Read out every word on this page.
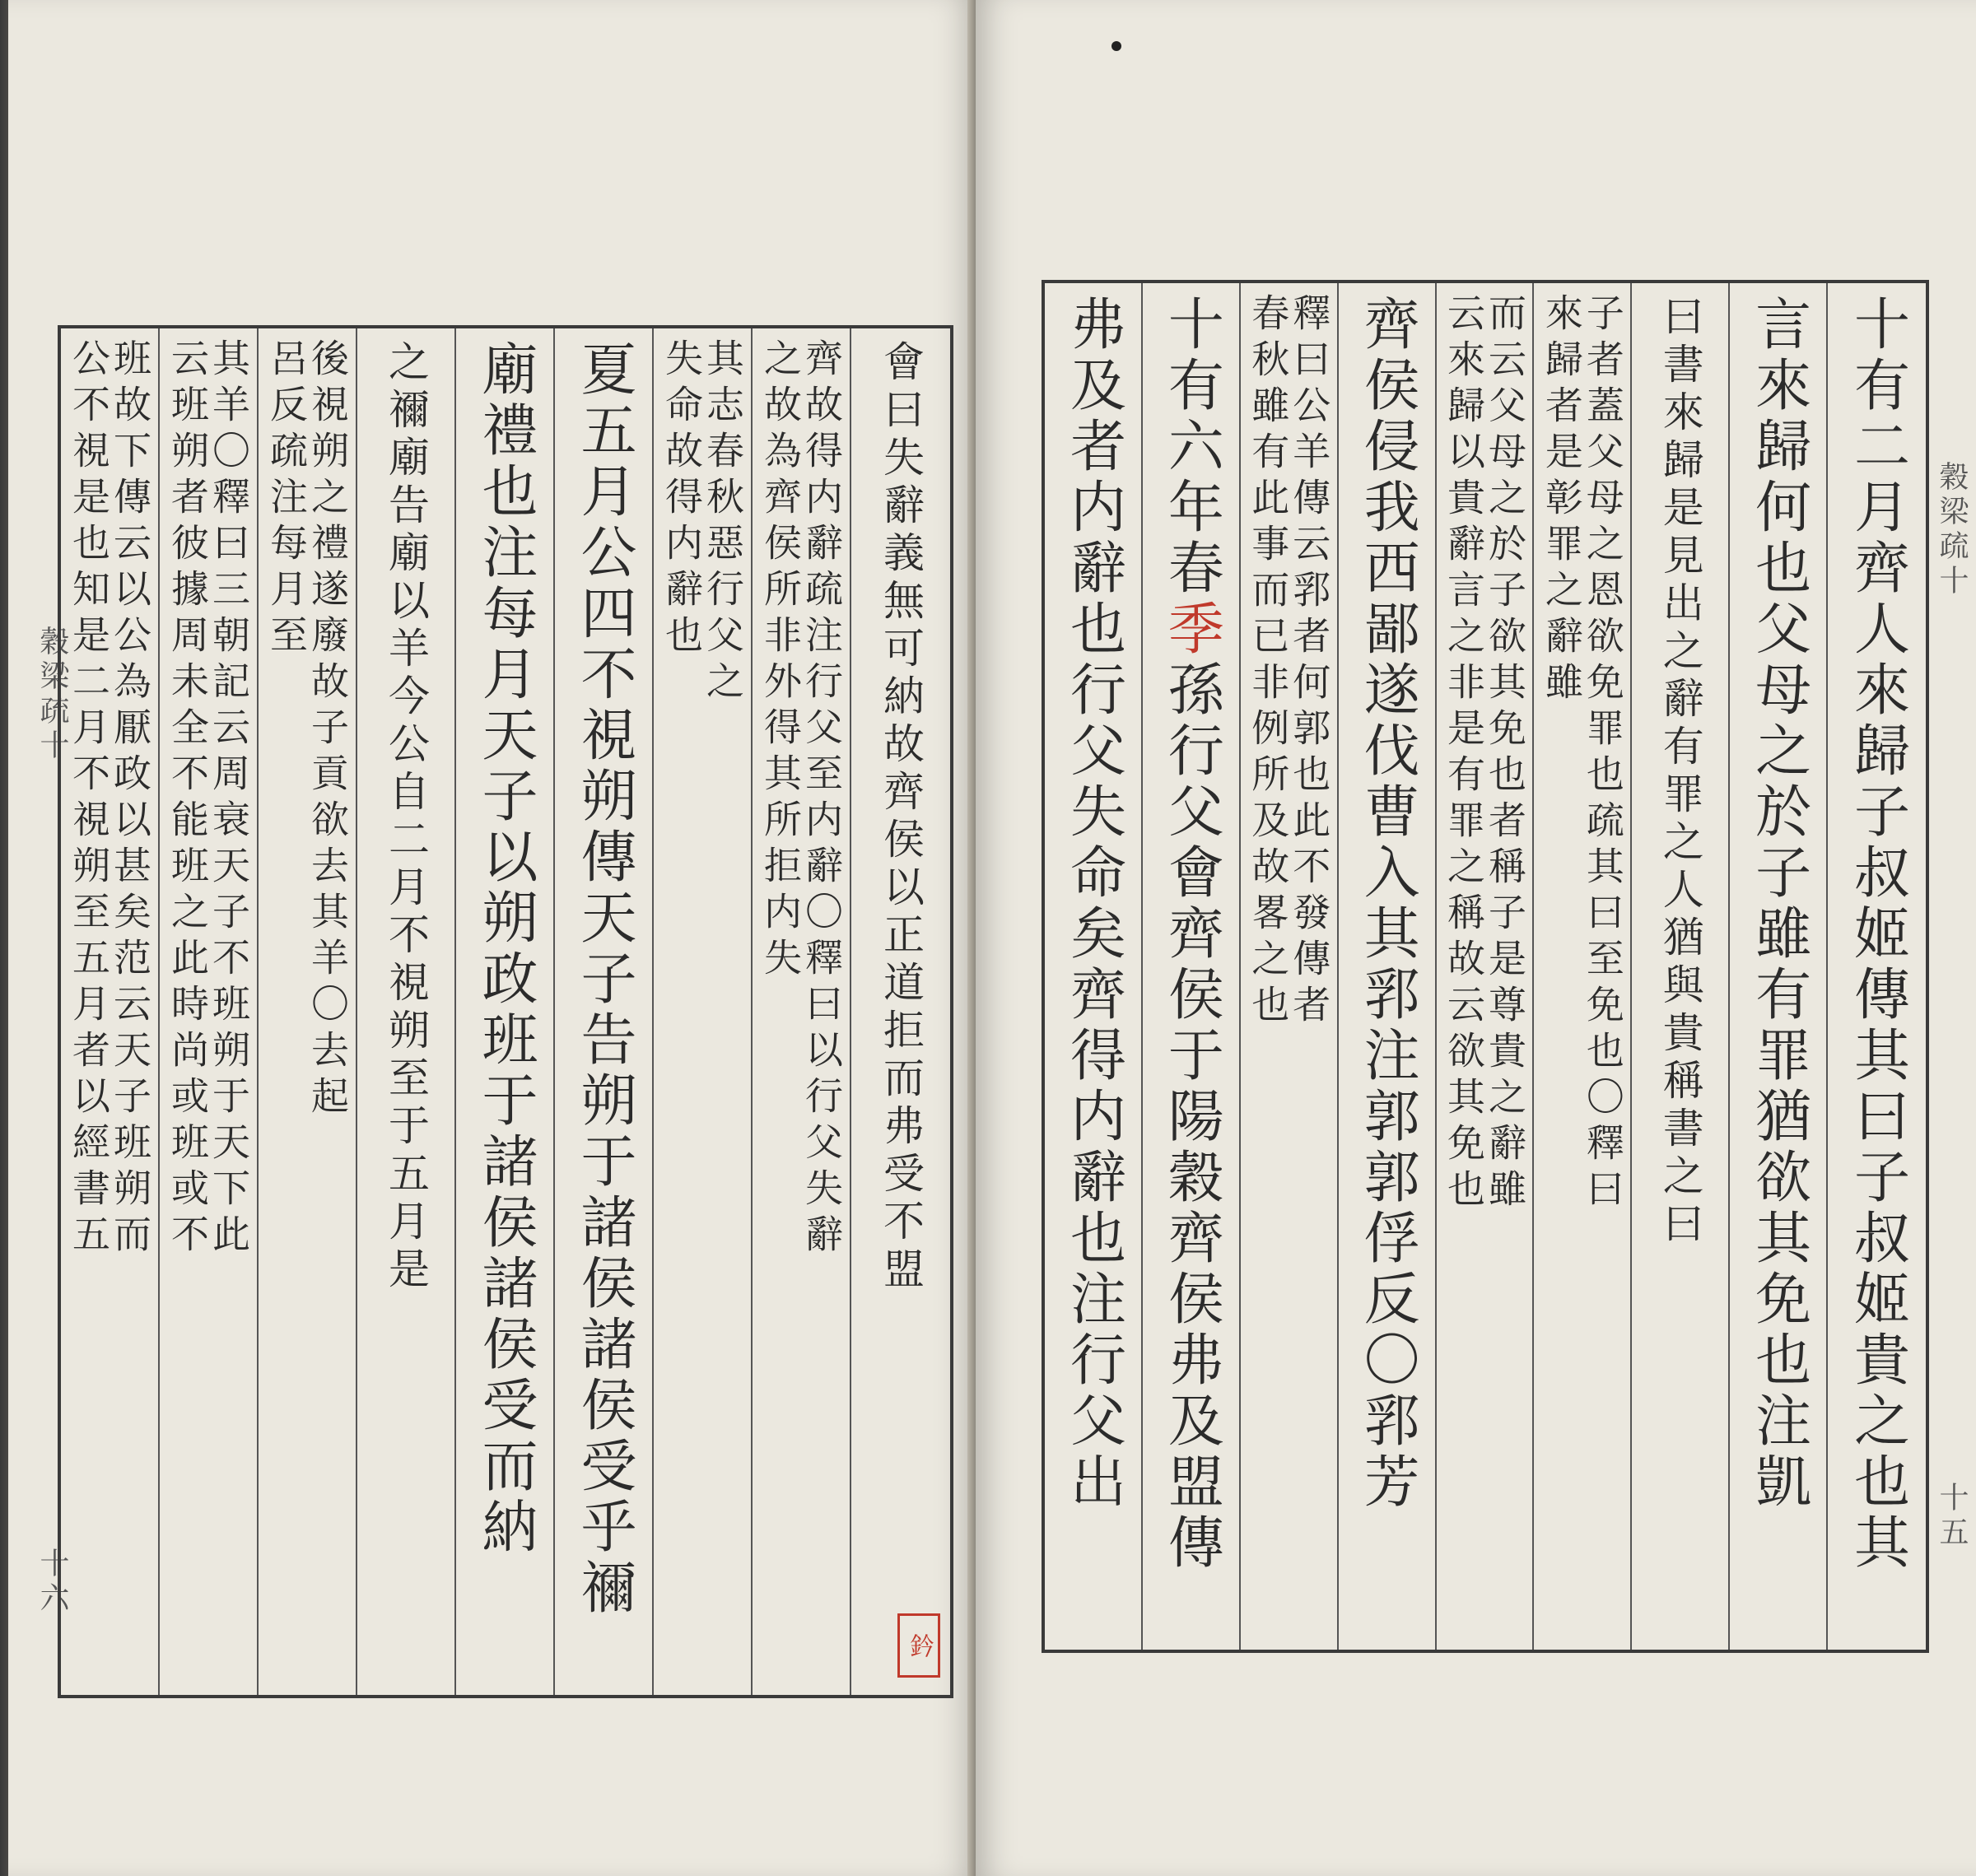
穀梁疏十
十六
會曰失辭義無可納故齊侯以正道拒而弗受不盟
齊故得内辭疏注行父至内辭〇釋曰以行父失辭
之故為齊侯所非外得其所拒内失
其志春秋惡行父之
失命故得内辭也
夏五月公四不視朔傳天子告朔于諸侯諸侯受乎禰
廟禮也注每月天子以朔政班于諸侯諸侯受而納
之禰廟告廟以羊今公自二月不視朔至于五月是
後視朔之禮遂廢故子貢欲去其羊〇去起
呂反疏注每月至
其羊〇釋曰三朝記云周衰天子不班朔于天下此
云班朔者彼據周未全不能班之此時尚或班或不
班故下傳云以公為厭政以甚矣范云天子班朔而
公不視是也知是二月不視朔至五月者以經書五
鈐
穀梁疏十
十五
十有二月齊人來歸子叔姬傳其曰子叔姬貴之也其
言來歸何也父母之於子雖有罪猶欲其免也注凱
曰書來歸是見出之辭有罪之人猶與貴稱書之曰
子者蓋父母之恩欲免罪也疏其曰至免也〇釋曰
來歸者是彰罪之辭雖
而云父母之於子欲其免也者稱子是尊貴之辭雖
云來歸以貴辭言之非是有罪之稱故云欲其免也
齊侯侵我西鄙遂伐曹入其郛注郭郭俘反〇郛芳
釋曰公羊傳云郛者何郭也此不發傳者
春秋雖有此事而已非例所及故畧之也
十有六年春季孫行父會齊侯于陽穀齊侯弗及盟傳
弗及者内辭也行父失命矣齊得内辭也注行父出
